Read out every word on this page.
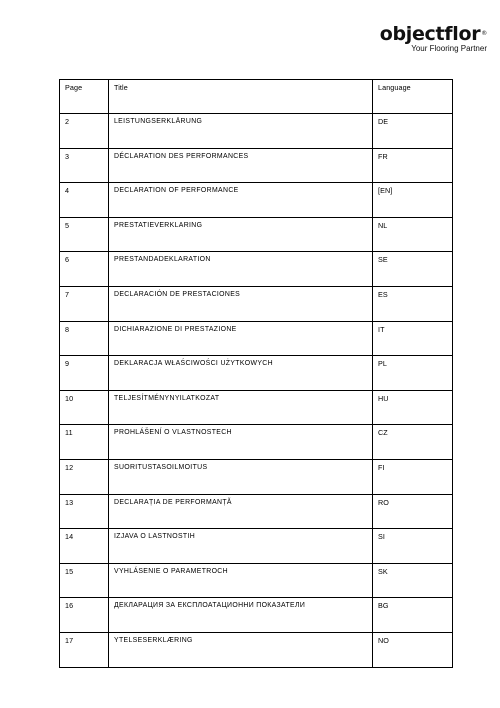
objectflor®
Your Flooring Partner
Page	Title	Language
2	LEISTUNGSERKLÄRUNG	DE
3	DÉCLARATION DES PERFORMANCES	FR
4	DECLARATION OF PERFORMANCE	[EN]
5	PRESTATIEVERKLARING	NL
6	PRESTANDADEKLARATION	SE
7	DECLARACIÓN DE PRESTACIONES	ES
8	DICHIARAZIONE DI PRESTAZIONE	IT
9	DEKLARACJA WŁAŚCIWOŚCI UŻYTKOWYCH	PL
10	TELJESÍTMÉNYNYILATKOZAT	HU
11	PROHLÁŠENÍ O VLASTNOSTECH	CZ
12	SUORITUSTASOILMOITUS	FI
13	DECLARAȚIA DE PERFORMANȚĂ	RO
14	IZJAVA O LASTNOSTIH	SI
15	VYHLÁSENIE O PARAMETROCH	SK
16	ДЕКЛАРАЦИЯ ЗА ЕКСПЛОАТАЦИОННИ ПОКАЗАТЕЛИ	BG
17	YTELSESERKLÆRING	NO
